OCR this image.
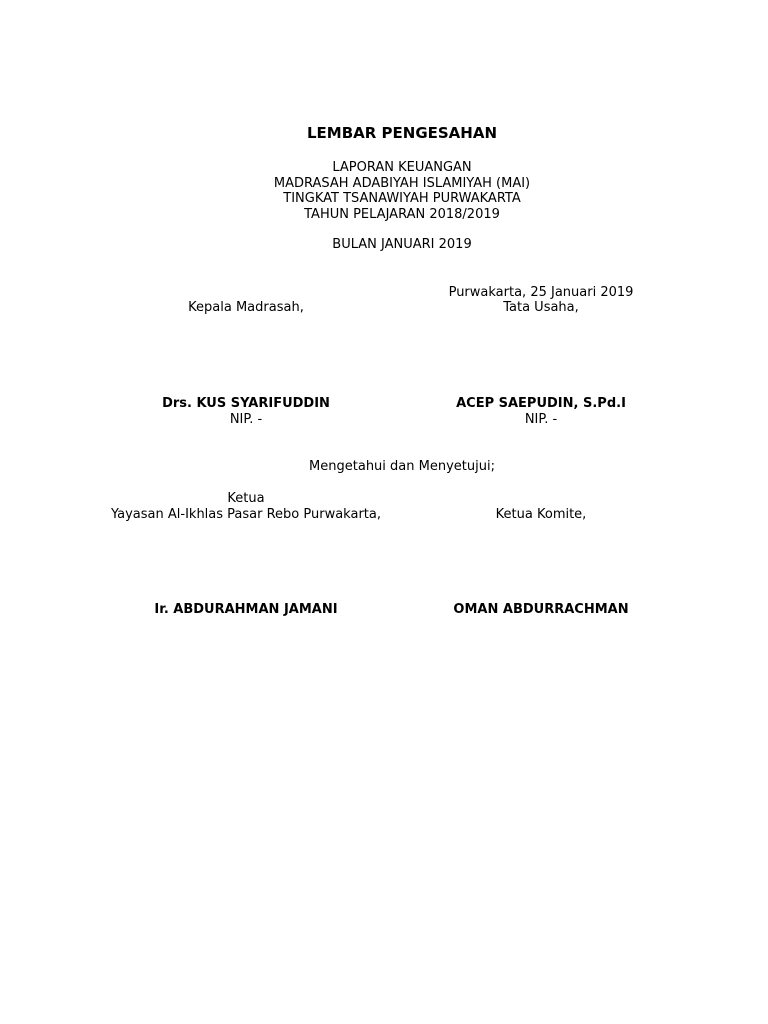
LEMBAR PENGESAHAN
LAPORAN KEUANGAN
MADRASAH ADABIYAH ISLAMIYAH (MAI)
TINGKAT TSANAWIYAH PURWAKARTA
TAHUN PELAJARAN 2018/2019
BULAN JANUARI 2019
Purwakarta, 25 Januari 2019
Kepala Madrasah,	Tata Usaha,
Drs. KUS SYARIFUDDIN	ACEP SAEPUDIN, S.Pd.I
NIP. -	NIP. -
Mengetahui dan Menyetujui;
Ketua
Yayasan Al-Ikhlas Pasar Rebo Purwakarta,	Ketua Komite,
Ir. ABDURAHMAN JAMANI	OMAN ABDURRACHMAN
